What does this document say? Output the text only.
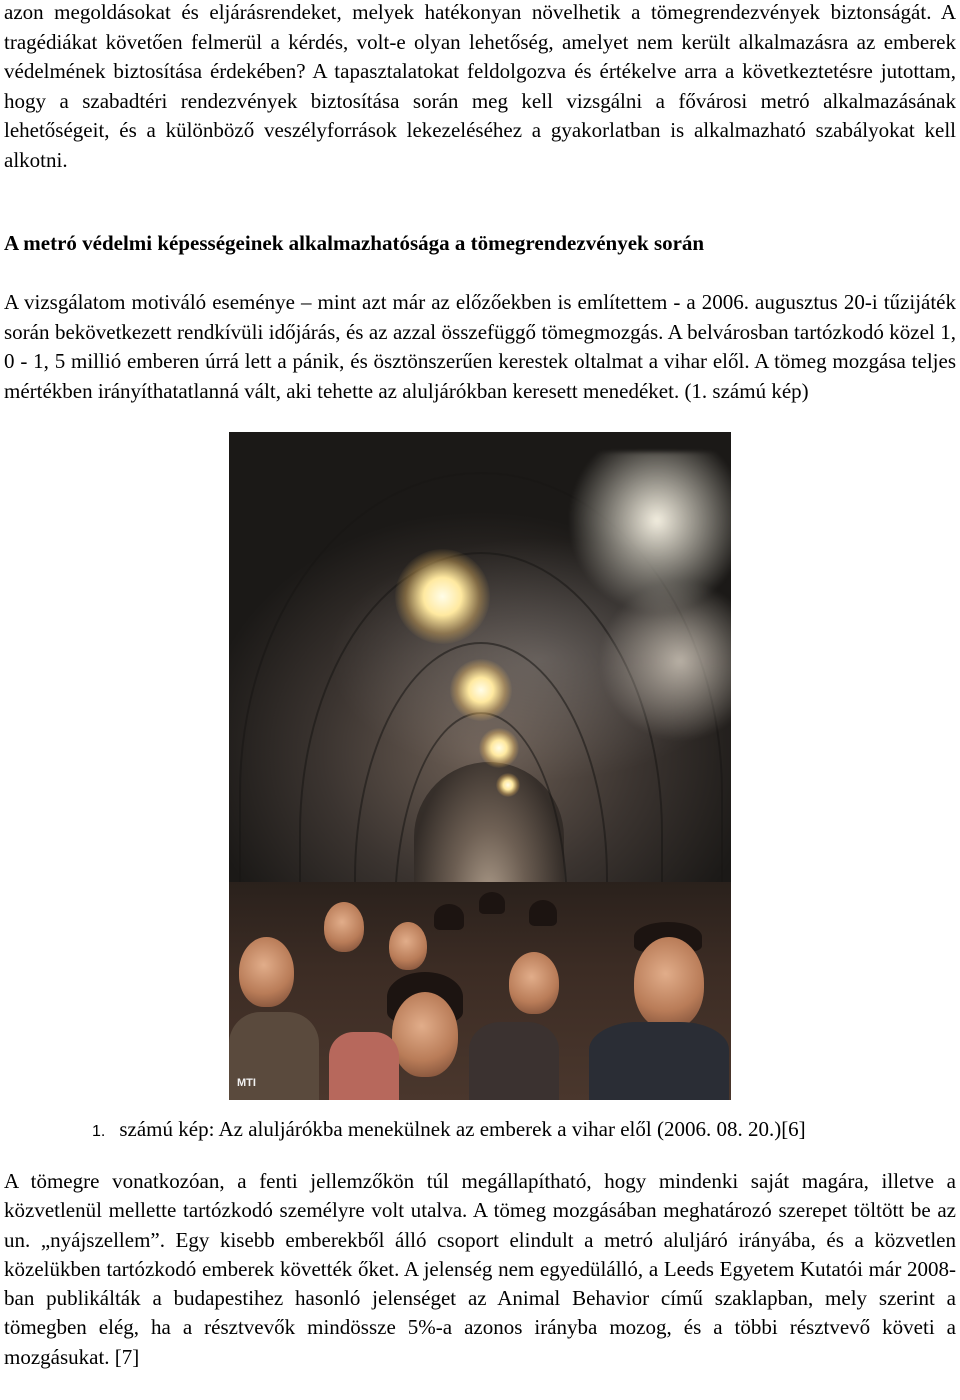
azon megoldásokat és eljárásrendeket, melyek hatékonyan növelhetik a tömegrendezvények biztonságát. A tragédiákat követően felmerül a kérdés, volt-e olyan lehetőség, amelyet nem került alkalmazásra az emberek védelmének biztosítása érdekében? A tapasztalatokat feldolgozva és értékelve arra a következtetésre jutottam, hogy a szabadtéri rendezvények biztosítása során meg kell vizsgálni a fővárosi metró alkalmazásának lehetőségeit, és a különböző veszélyforrások lekezeléséhez a gyakorlatban is alkalmazható szabályokat kell alkotni.

A metró védelmi képességeinek alkalmazhatósága a tömegrendezvények során

A vizsgálatom motiváló eseménye – mint azt már az előzőekben is említettem - a 2006. augusztus 20-i tűzijáték során bekövetkezett rendkívüli időjárás, és az azzal összefüggő tömegmozgás. A belvárosban tartózkodó közel 1, 0 - 1, 5 millió emberen úrrá lett a pánik, és ösztönszerűen kerestek oltalmat a vihar elől. A tömeg mozgása teljes mértékben irányíthatatlanná vált, aki tehette az aluljárókban keresett menedéket. (1. számú kép)

MTI

1. számú kép: Az aluljárókba menekülnek az emberek a vihar elől (2006. 08. 20.)[6]

A tömegre vonatkozóan, a fenti jellemzőkön túl megállapítható, hogy mindenki saját magára, illetve a közvetlenül mellette tartózkodó személyre volt utalva. A tömeg mozgásában meghatározó szerepet töltött be az un. „nyájszellem”. Egy kisebb emberekből álló csoport elindult a metró aluljáró irányába, és a közvetlen közelükben tartózkodó emberek követték őket. A jelenség nem egyedülálló, a Leeds Egyetem Kutatói már 2008-ban publikálták a budapestihez hasonló jelenséget az Animal Behavior című szaklapban, mely szerint a tömegben elég, ha a résztvevők mindössze 5%-a azonos irányba mozog, és a többi résztvevő követi a mozgásukat. [7]
